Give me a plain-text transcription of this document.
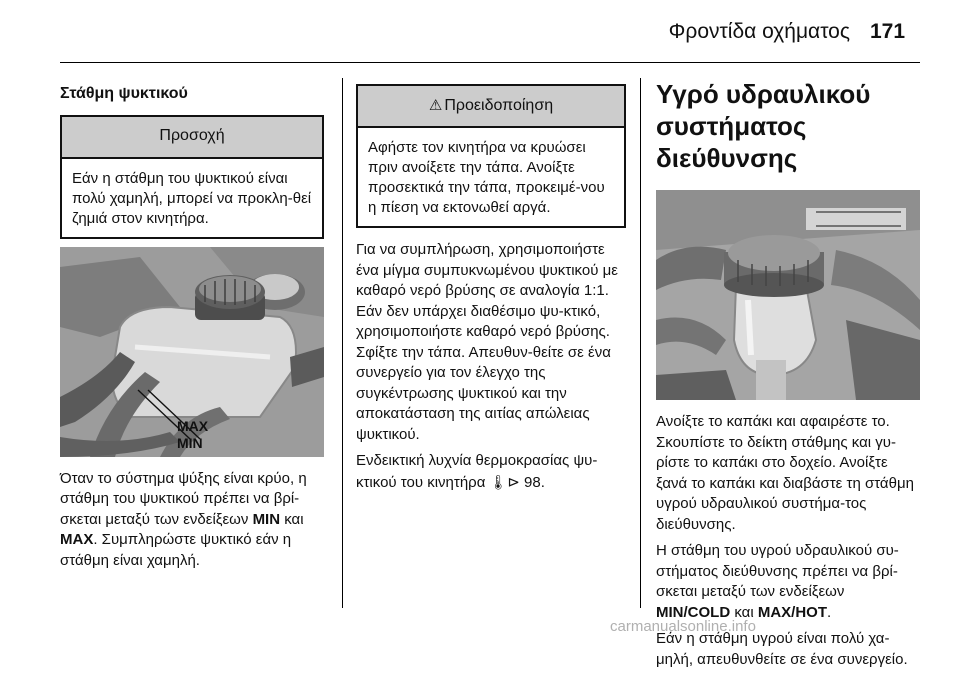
Φροντίδα οχήματος 171
Στάθμη ψυκτικού
Προσοχή
Εάν η στάθμη του ψυκτικού είναι πολύ χαμηλή, μπορεί να προκλη-θεί ζημιά στον κινητήρα.
MAX
MIN

Όταν το σύστημα ψύξης είναι κρύο, η στάθμη του ψυκτικού πρέπει να βρί-σκεται μεταξύ των ενδείξεων MIN και MAX. Συμπληρώστε ψυκτικό εάν η στάθμη είναι χαμηλή.

⚠ Προειδοποίηση
Αφήστε τον κινητήρα να κρυώσει πριν ανοίξετε την τάπα. Ανοίξτε προσεκτικά την τάπα, προκειμέ-νου η πίεση να εκτονωθεί αργά.

Για να συμπλήρωση, χρησιμοποιήστε ένα μίγμα συμπυκνωμένου ψυκτικού με καθαρό νερό βρύσης σε αναλογία 1:1. Εάν δεν υπάρχει διαθέσιμο ψυ-κτικό, χρησιμοποιήστε καθαρό νερό βρύσης. Σφίξτε την τάπα. Απευθυν-θείτε σε ένα συνεργείο για τον έλεγχο της συγκέντρωσης ψυκτικού και την αποκατάσταση της αιτίας απώλειας ψυκτικού.

Ενδεικτική λυχνία θερμοκρασίας ψυ-κτικού του κινητήρα 🌡⊳ 98.

Υγρό υδραυλικού συστήματος διεύθυνσης

Ανοίξτε το καπάκι και αφαιρέστε το. Σκουπίστε το δείκτη στάθμης και γυ-ρίστε το καπάκι στο δοχείο. Ανοίξτε ξανά το καπάκι και διαβάστε τη στάθμη υγρού υδραυλικού συστήμα-τος διεύθυνσης.

Η στάθμη του υγρού υδραυλικού συ-στήματος διεύθυνσης πρέπει να βρί-σκεται μεταξύ των ενδείξεων MIN/COLD και MAX/HOT.

Εάν η στάθμη υγρού είναι πολύ χα-μηλή, απευθυνθείτε σε ένα συνεργείο.

carmanualsonline.info
